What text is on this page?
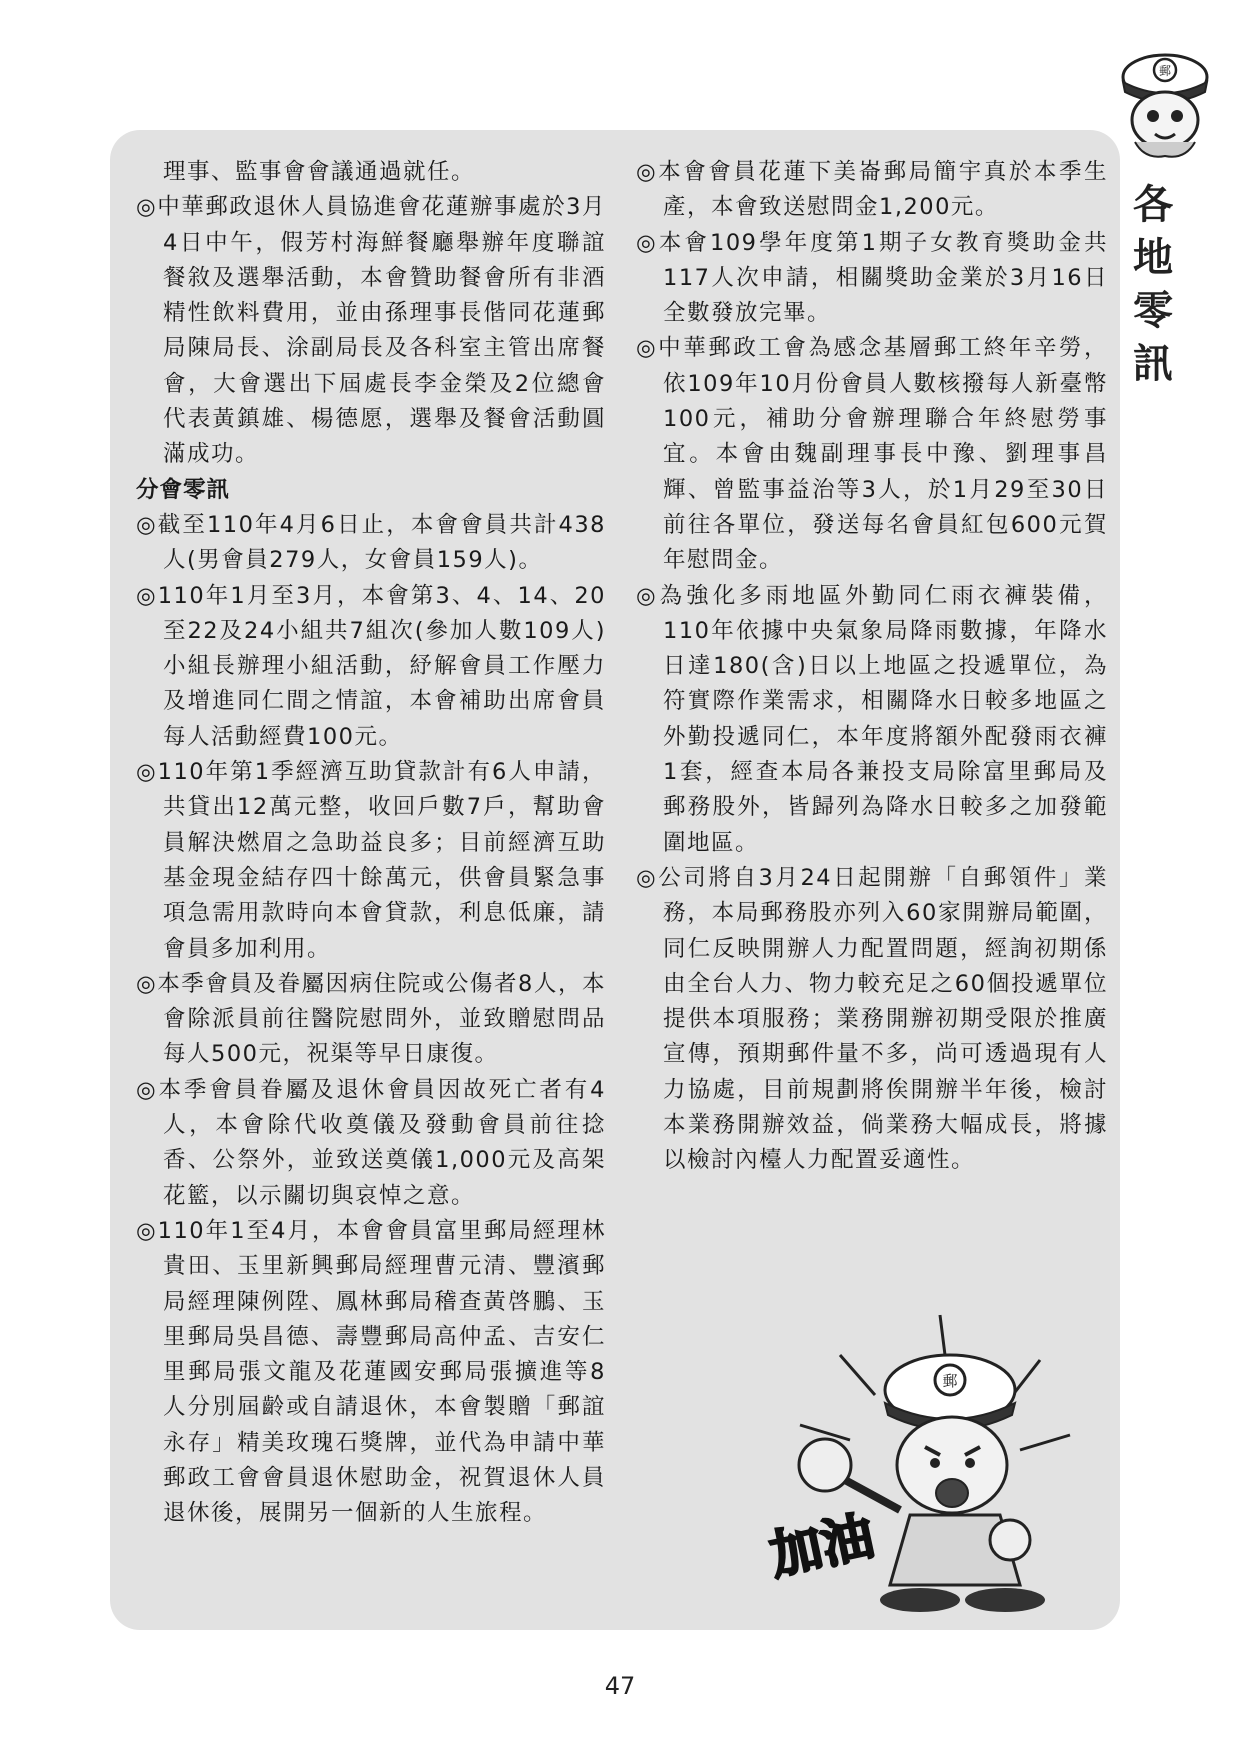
郵
各
地
零
訊
理事、監事會會議通過就任。
◎中華郵政退休人員協進會花蓮辦事處於3月4日中午，假芳村海鮮餐廳舉辦年度聯誼餐敘及選舉活動，本會贊助餐會所有非酒精性飲料費用，並由孫理事長偕同花蓮郵局陳局長、涂副局長及各科室主管出席餐會，大會選出下屆處長李金榮及2位總會代表黃鎮雄、楊德愿，選舉及餐會活動圓滿成功。
分會零訊
◎截至110年4月6日止，本會會員共計438人(男會員279人，女會員159人)。
◎110年1月至3月，本會第3、4、14、20至22及24小組共7組次(參加人數109人)小組長辦理小組活動，紓解會員工作壓力及增進同仁間之情誼，本會補助出席會員每人活動經費100元。
◎110年第1季經濟互助貸款計有6人申請，共貸出12萬元整，收回戶數7戶，幫助會員解決燃眉之急助益良多；目前經濟互助基金現金結存四十餘萬元，供會員緊急事項急需用款時向本會貸款，利息低廉，請會員多加利用。
◎本季會員及眷屬因病住院或公傷者8人，本會除派員前往醫院慰問外，並致贈慰問品每人500元，祝渠等早日康復。
◎本季會員眷屬及退休會員因故死亡者有4人，本會除代收奠儀及發動會員前往捻香、公祭外，並致送奠儀1,000元及高架花籃，以示關切與哀悼之意。
◎110年1至4月，本會會員富里郵局經理林貴田、玉里新興郵局經理曹元清、豐濱郵局經理陳例陞、鳳林郵局稽查黃啓鵬、玉里郵局吳昌德、壽豐郵局高仲孟、吉安仁里郵局張文龍及花蓮國安郵局張擴進等8人分別屆齡或自請退休，本會製贈「郵誼永存」精美玫瑰石獎牌，並代為申請中華郵政工會會員退休慰助金，祝賀退休人員退休後，展開另一個新的人生旅程。
◎本會會員花蓮下美崙郵局簡宇真於本季生產，本會致送慰問金1,200元。
◎本會109學年度第1期子女教育獎助金共117人次申請，相關獎助金業於3月16日全數發放完畢。
◎中華郵政工會為感念基層郵工終年辛勞，依109年10月份會員人數核撥每人新臺幣100元，補助分會辦理聯合年終慰勞事宜。本會由魏副理事長中豫、劉理事昌輝、曾監事益治等3人，於1月29至30日前往各單位，發送每名會員紅包600元賀年慰問金。
◎為強化多雨地區外勤同仁雨衣褲裝備，110年依據中央氣象局降雨數據，年降水日達180(含)日以上地區之投遞單位，為符實際作業需求，相關降水日較多地區之外勤投遞同仁，本年度將額外配發雨衣褲1套，經查本局各兼投支局除富里郵局及郵務股外，皆歸列為降水日較多之加發範圍地區。
◎公司將自3月24日起開辦「自郵領件」業務，本局郵務股亦列入60家開辦局範圍，同仁反映開辦人力配置問題，經詢初期係由全台人力、物力較充足之60個投遞單位提供本項服務；業務開辦初期受限於推廣宣傳，預期郵件量不多，尚可透過現有人力協處，目前規劃將俟開辦半年後，檢討本業務開辦效益，倘業務大幅成長，將據以檢討內檯人力配置妥適性。
郵
加油
47
